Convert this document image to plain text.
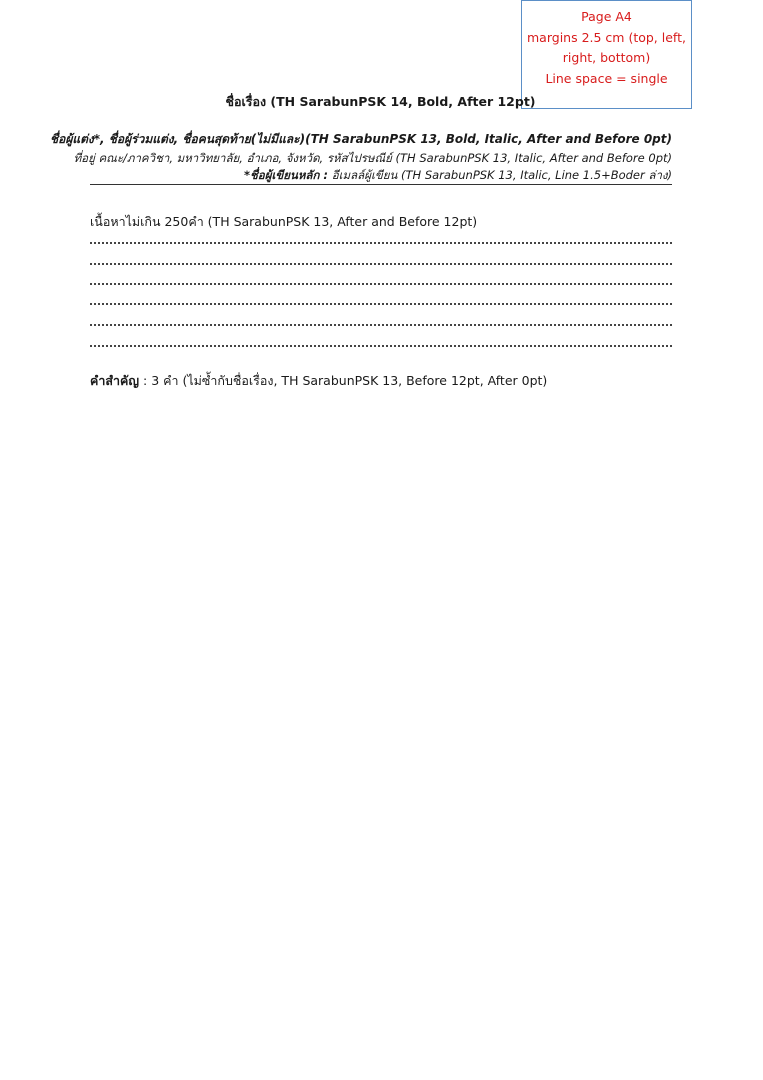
Page A4
margins 2.5 cm (top, left,
right, bottom)
Line space = single
ชื่อเรื่อง (TH SarabunPSK 14, Bold, After 12pt)
ชื่อผู้แต่ง*, ชื่อผู้ร่วมแต่ง, ชื่อคนสุดท้าย(ไม่มีและ)(TH SarabunPSK 13, Bold, Italic, After and Before 0pt)
ที่อยู่ คณะ/ภาควิชา, มหาวิทยาลัย, อำเภอ, จังหวัด, รหัสไปรษณีย์ (TH SarabunPSK 13, Italic, After and Before 0pt)
*ชื่อผู้เขียนหลัก : อีเมลล์ผู้เขียน (TH SarabunPSK 13, Italic, Line 1.5+Boder ล่าง)
เนื้อหาไม่เกิน 250คำ (TH SarabunPSK 13, After and Before 12pt)
คำสำคัญ : 3 คำ (ไม่ซ้ำกับชื่อเรื่อง, TH SarabunPSK 13, Before 12pt, After 0pt)
